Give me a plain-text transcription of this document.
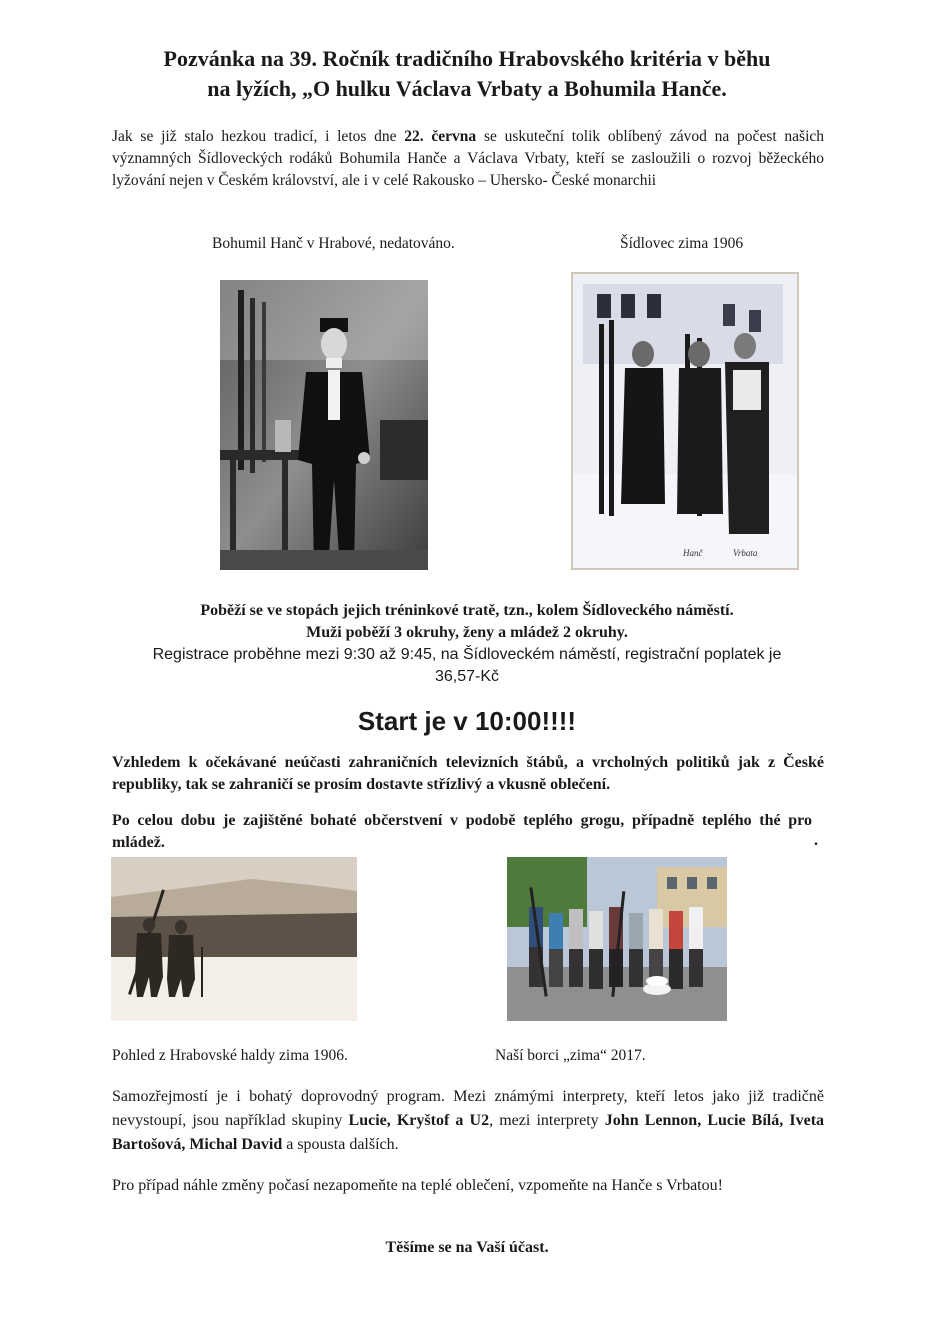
Pozvánka na 39. Ročník tradičního Hrabovského kritéria v běhu
na lyžích, „O hulku Václava Vrbaty a Bohumila Hanče.
Jak se již stalo hezkou tradicí, i letos dne 22. června se uskuteční tolik oblíbený závod na počest našich významných Šídloveckých rodáků Bohumila Hanče a Václava Vrbaty, kteří se zasloužili o rozvoj běžeckého lyžování nejen v Českém království, ale i v celé Rakousko – Uhersko- České monarchii
Bohumil Hanč v Hrabové, nedatováno.	Šídlovec zima 1906
Hanč	Vrbata
Poběží se ve stopách jejich tréninkové tratě, tzn., kolem Šídloveckého náměstí.
Muži poběží 3 okruhy, ženy a mládež 2 okruhy.
Registrace proběhne mezi 9:30 až 9:45, na Šídloveckém náměstí, registrační poplatek je
36,57-Kč
Start je v 10:00!!!!
Vzhledem k očekávané neúčasti zahraničních televizních štábů, a vrcholných politiků jak z České republiky, tak se zahraničí se prosím dostavte střízlivý a vkusně oblečení.
Po celou dobu je zajištěné bohaté občerstvení v podobě teplého grogu, případně teplého thé pro mládež.	.
Pohled z Hrabovské haldy zima 1906.	Naší borci „zima“ 2017.
Samozřejmostí je i bohatý doprovodný program. Mezi známými interprety, kteří letos jako již tradičně nevystoupí, jsou například skupiny Lucie, Kryštof a U2, mezi interprety John Lennon, Lucie Bílá, Iveta Bartošová, Michal David a spousta dalších.
Pro případ náhle změny počasí nezapomeňte na teplé oblečení, vzpomeňte na Hanče s Vrbatou!
Těšíme se na Vaší účast.
